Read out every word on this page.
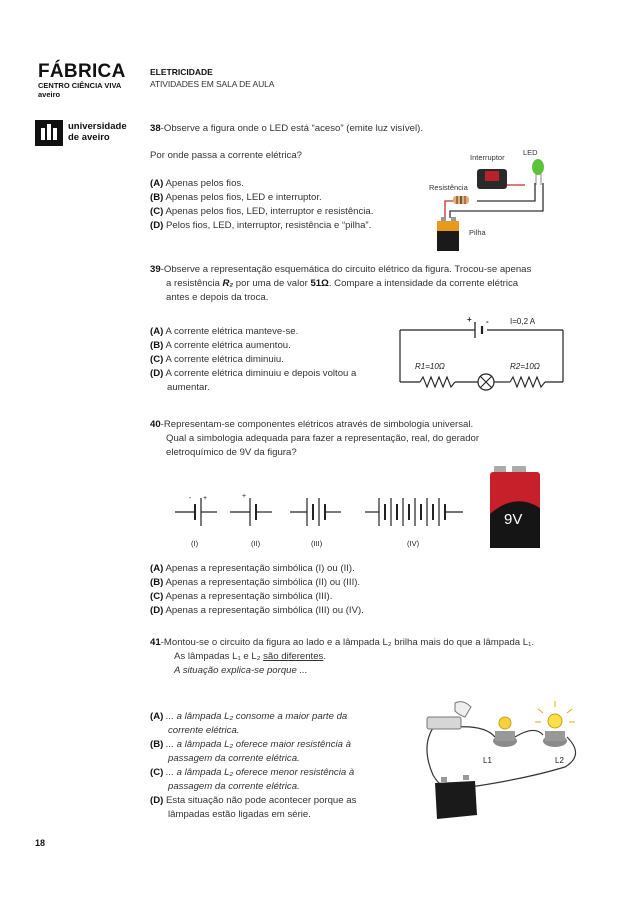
FÁBRICA
CENTRO CIÊNCIA VIVA
aveiro
ELETRICIDADE
ATIVIDADES EM SALA DE AULA
universidade
de aveiro
38-Observe a figura onde o LED está “aceso” (emite luz visível).
Por onde passa a corrente elétrica?
(A) Apenas pelos fios.
(B) Apenas pelos fios, LED e interruptor.
(C) Apenas pelos fios, LED, interruptor e resistência.
(D) Pelos fios, LED, interruptor, resistência e “pilha”.
LED
Interruptor
Resistência
Pilha
39-Observe a representação esquemática do circuito elétrico da figura. Trocou-se apenas
a resistência R₂ por uma de valor 51Ω. Compare a intensidade da corrente elétrica
antes e depois da troca.
(A) A corrente elétrica manteve-se.
(B) A corrente elétrica aumentou.
(C) A corrente elétrica diminuiu.
(D) A corrente elétrica diminuiu e depois voltou a
aumentar.
+ -	I=0,2 A
R1=10Ω	R2=10Ω
40-Representam-se componentes elétricos através de simbologia universal.
Qual a simbologia adequada para fazer a representação, real, do gerador
eletroquímico de 9V da figura?
- +	+
(I)	(II)	(III)	(IV)
9V
(A) Apenas a representação simbólica (I) ou (II).
(B) Apenas a representação simbólica (II) ou (III).
(C) Apenas a representação simbólica (III).
(D) Apenas a representação simbólica (III) ou (IV).
41-Montou-se o circuito da figura ao lado e a lâmpada L₂ brilha mais do que a lâmpada L₁.
As lâmpadas L₁ e L₂ são diferentes.
A situação explica-se porque ...
(A) ... a lâmpada L₂ consome a maior parte da
corrente elétrica.
(B) ... a lâmpada L₂ oferece maior resistência à
passagem da corrente elétrica.
(C) ... a lâmpada L₂ oferece menor resistência à
passagem da corrente elétrica.
(D) Esta situação não pode acontecer porque as
lâmpadas estão ligadas em série.
L1	L2
18
